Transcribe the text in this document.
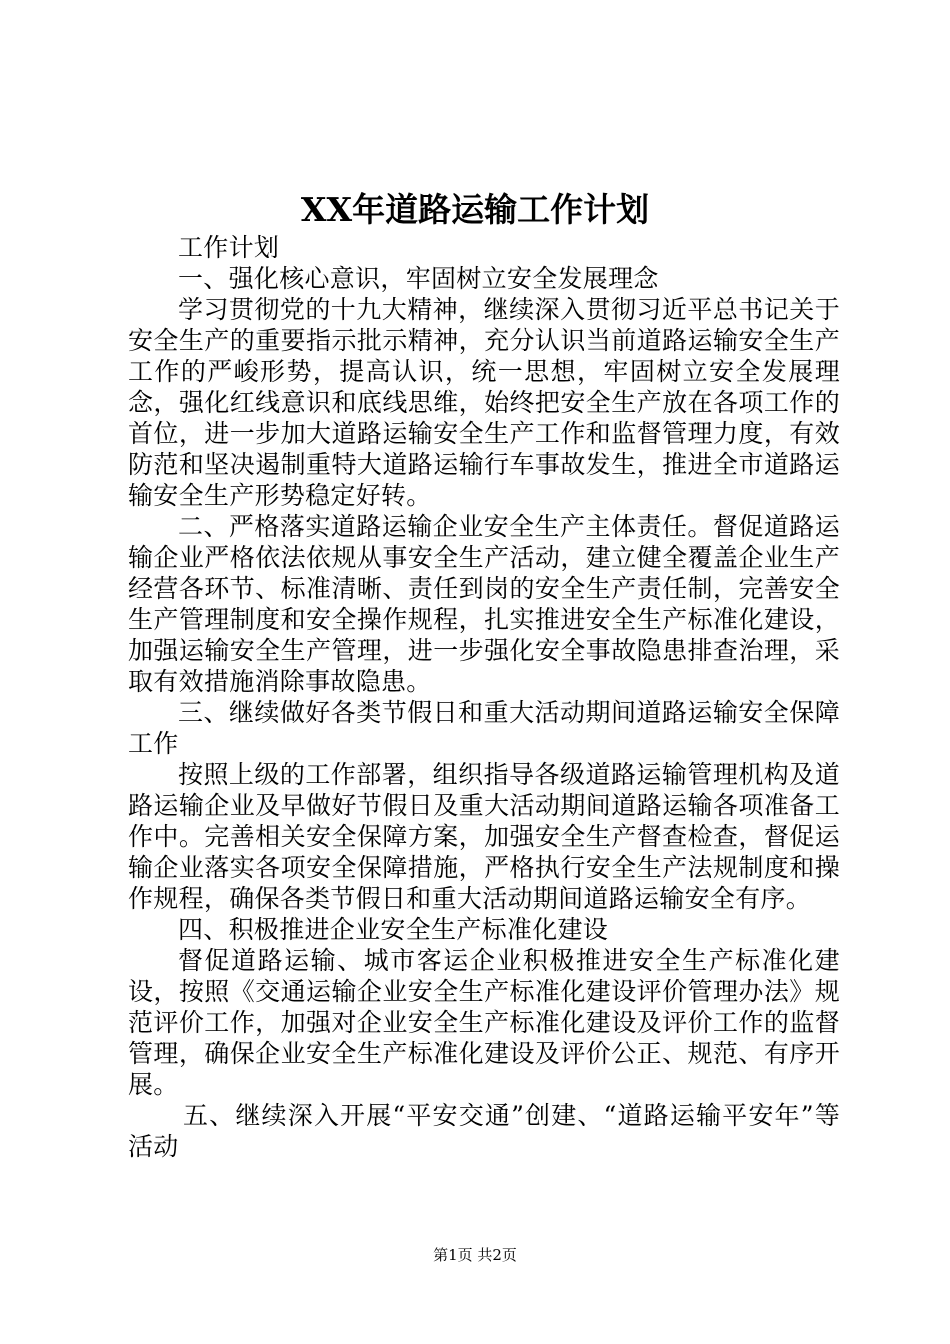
XX年道路运输工作计划

工作计划

一、强化核心意识，牢固树立安全发展理念

学习贯彻党的十九大精神，继续深入贯彻习近平总书记关于安全生产的重要指示批示精神，充分认识当前道路运输安全生产工作的严峻形势，提高认识，统一思想，牢固树立安全发展理念，强化红线意识和底线思维，始终把安全生产放在各项工作的首位，进一步加大道路运输安全生产工作和监督管理力度，有效防范和坚决遏制重特大道路运输行车事故发生，推进全市道路运输安全生产形势稳定好转。

二、严格落实道路运输企业安全生产主体责任。督促道路运输企业严格依法依规从事安全生产活动，建立健全覆盖企业生产经营各环节、标准清晰、责任到岗的安全生产责任制，完善安全生产管理制度和安全操作规程，扎实推进安全生产标准化建设，加强运输安全生产管理，进一步强化安全事故隐患排查治理，采取有效措施消除事故隐患。

三、继续做好各类节假日和重大活动期间道路运输安全保障工作

按照上级的工作部署，组织指导各级道路运输管理机构及道路运输企业及早做好节假日及重大活动期间道路运输各项准备工作中。完善相关安全保障方案，加强安全生产督查检查，督促运输企业落实各项安全保障措施，严格执行安全生产法规制度和操作规程，确保各类节假日和重大活动期间道路运输安全有序。

四、积极推进企业安全生产标准化建设

督促道路运输、城市客运企业积极推进安全生产标准化建设，按照《交通运输企业安全生产标准化建设评价管理办法》规范评价工作，加强对企业安全生产标准化建设及评价工作的监督管理，确保企业安全生产标准化建设及评价公正、规范、有序开展。

五、继续深入开展“平安交通”创建、“道路运输平安年”等活动

第1页 共2页
